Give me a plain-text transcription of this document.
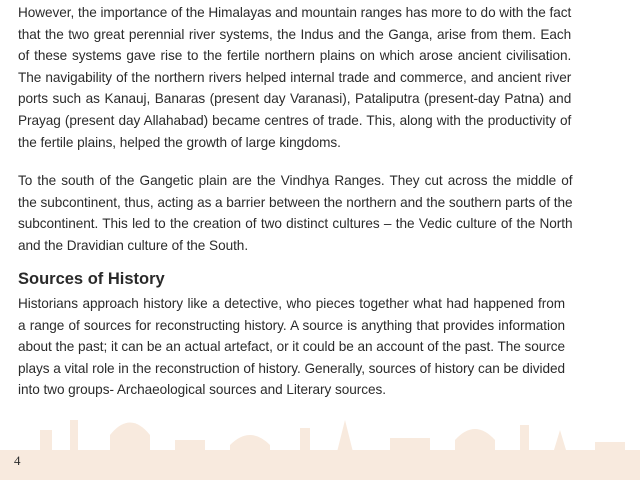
However, the importance of the Himalayas and mountain ranges has more to do with the fact
that the two great perennial river systems, the Indus and the Ganga, arise from them. Each
of these systems gave rise to the fertile northern plains on which arose ancient civilisation.
The navigability of the northern rivers helped internal trade and commerce, and ancient river
ports such as Kanauj, Banaras (present day Varanasi), Pataliputra (present-day Patna) and
Prayag (present day Allahabad) became centres of trade. This, along with the productivity of
the fertile plains, helped the growth of large kingdoms.

To the south of the Gangetic plain are the Vindhya Ranges. They cut across the middle of
the subcontinent, thus, acting as a barrier between the northern and the southern parts of the
subcontinent. This led to the creation of two distinct cultures – the Vedic culture of the North
and the Dravidian culture of the South.

Sources of History

Historians approach history like a detective, who pieces together what had happened from
a range of sources for reconstructing history. A source is anything that provides information
about the past; it can be an actual artefact, or it could be an account of the past. The source
plays a vital role in the reconstruction of history. Generally, sources of history can be divided
into two groups- Archaeological sources and Literary sources.

4
